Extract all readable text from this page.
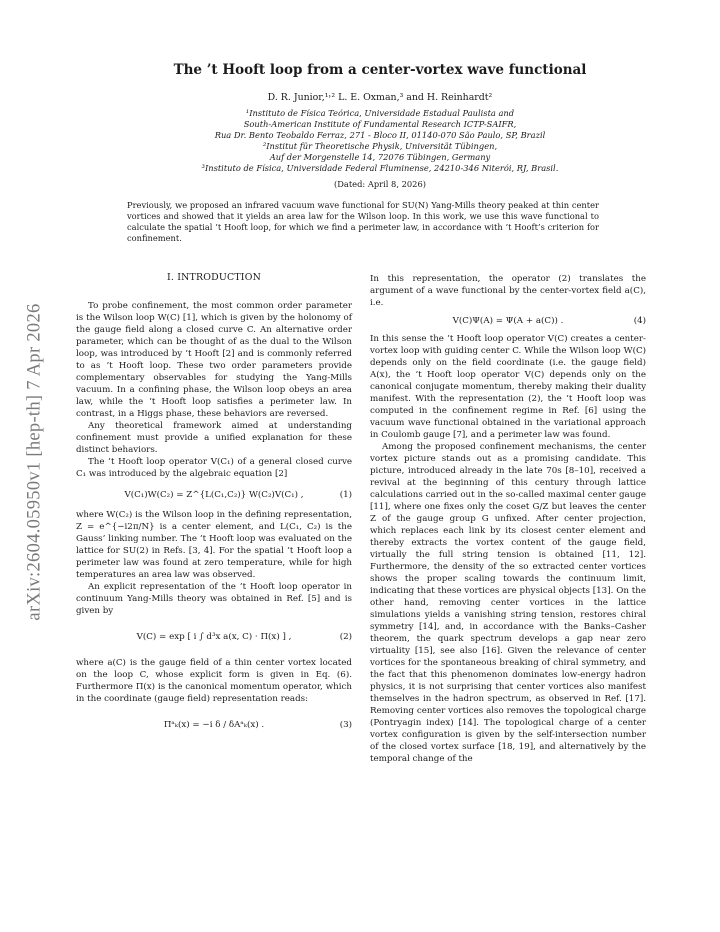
arXiv:2604.05950v1 [hep-th] 7 Apr 2026
The ’t Hooft loop from a center-vortex wave functional
D. R. Junior,¹˒² L. E. Oxman,³ and H. Reinhardt²
¹Instituto de Física Teórica, Universidade Estadual Paulista and
South-American Institute of Fundamental Research ICTP-SAIFR,
Rua Dr. Bento Teobaldo Ferraz, 271 - Bloco II, 01140-070 São Paulo, SP, Brazil
²Institut für Theoretische Physik, Universität Tübingen,
Auf der Morgenstelle 14, 72076 Tübingen, Germany
³Instituto de Física, Universidade Federal Fluminense, 24210-346 Niterói, RJ, Brasil.
(Dated: April 8, 2026)
Previously, we proposed an infrared vacuum wave functional for SU(N) Yang-Mills theory peaked at thin center vortices and showed that it yields an area law for the Wilson loop. In this work, we use this wave functional to calculate the spatial ’t Hooft loop, for which we find a perimeter law, in accordance with ’t Hooft’s criterion for confinement.
I. INTRODUCTION

To probe confinement, the most common order parameter is the Wilson loop W(C) [1], which is given by the holonomy of the gauge field along a closed curve C. An alternative order parameter, which can be thought of as the dual to the Wilson loop, was introduced by ’t Hooft [2] and is commonly referred to as ’t Hooft loop. These two order parameters provide complementary observables for studying the Yang-Mills vacuum. In a confining phase, the Wilson loop obeys an area law, while the ’t Hooft loop satisfies a perimeter law. In contrast, in a Higgs phase, these behaviors are reversed.

Any theoretical framework aimed at understanding confinement must provide a unified explanation for these distinct behaviors.

The ’t Hooft loop operator V(C₁) of a general closed curve C₁ was introduced by the algebraic equation [2]

V(C₁)W(C₂) = Z^{L(C₁,C₂)} W(C₂)V(C₁) ,	(1)

where W(C₂) is the Wilson loop in the defining representation, Z = e^{−i2π/N} is a center element, and L(C₁, C₂) is the Gauss’ linking number. The ’t Hooft loop was evaluated on the lattice for SU(2) in Refs. [3, 4]. For the spatial ’t Hooft loop a perimeter law was found at zero temperature, while for high temperatures an area law was observed.

An explicit representation of the ’t Hooft loop operator in continuum Yang-Mills theory was obtained in Ref. [5] and is given by

V(C) = exp [ i ∫ d³x a(x, C) · Π(x) ] ,	(2)

where a(C) is the gauge field of a thin center vortex located on the loop C, whose explicit form is given in Eq. (6). Furthermore Π(x) is the canonical momentum operator, which in the coordinate (gauge field) representation reads:

Πᵃₖ(x) = −i δ / δAᵃₖ(x) .	(3)

In this representation, the operator (2) translates the argument of a wave functional by the center-vortex field a(C), i.e.

V(C)Ψ(A) = Ψ(A + a(C)) .	(4)

In this sense the ’t Hooft loop operator V(C) creates a center-vortex loop with guiding center C. While the Wilson loop W(C) depends only on the field coordinate (i.e. the gauge field) A(x), the ’t Hooft loop operator V(C) depends only on the canonical conjugate momentum, thereby making their duality manifest. With the representation (2), the ’t Hooft loop was computed in the confinement regime in Ref. [6] using the vacuum wave functional obtained in the variational approach in Coulomb gauge [7], and a perimeter law was found.

Among the proposed confinement mechanisms, the center vortex picture stands out as a promising candidate. This picture, introduced already in the late 70s [8–10], received a revival at the beginning of this century through lattice calculations carried out in the so-called maximal center gauge [11], where one fixes only the coset G/Z but leaves the center Z of the gauge group G unfixed. After center projection, which replaces each link by its closest center element and thereby extracts the vortex content of the gauge field, virtually the full string tension is obtained [11, 12]. Furthermore, the density of the so extracted center vortices shows the proper scaling towards the continuum limit, indicating that these vortices are physical objects [13]. On the other hand, removing center vortices in the lattice simulations yields a vanishing string tension, restores chiral symmetry [14], and, in accordance with the Banks–Casher theorem, the quark spectrum develops a gap near zero virtuality [15], see also [16]. Given the relevance of center vortices for the spontaneous breaking of chiral symmetry, and the fact that this phenomenon dominates low-energy hadron physics, it is not surprising that center vortices also manifest themselves in the hadron spectrum, as observed in Ref. [17]. Removing center vortices also removes the topological charge (Pontryagin index) [14]. The topological charge of a center vortex configuration is given by the self-intersection number of the closed vortex surface [18, 19], and alternatively by the temporal change of the
